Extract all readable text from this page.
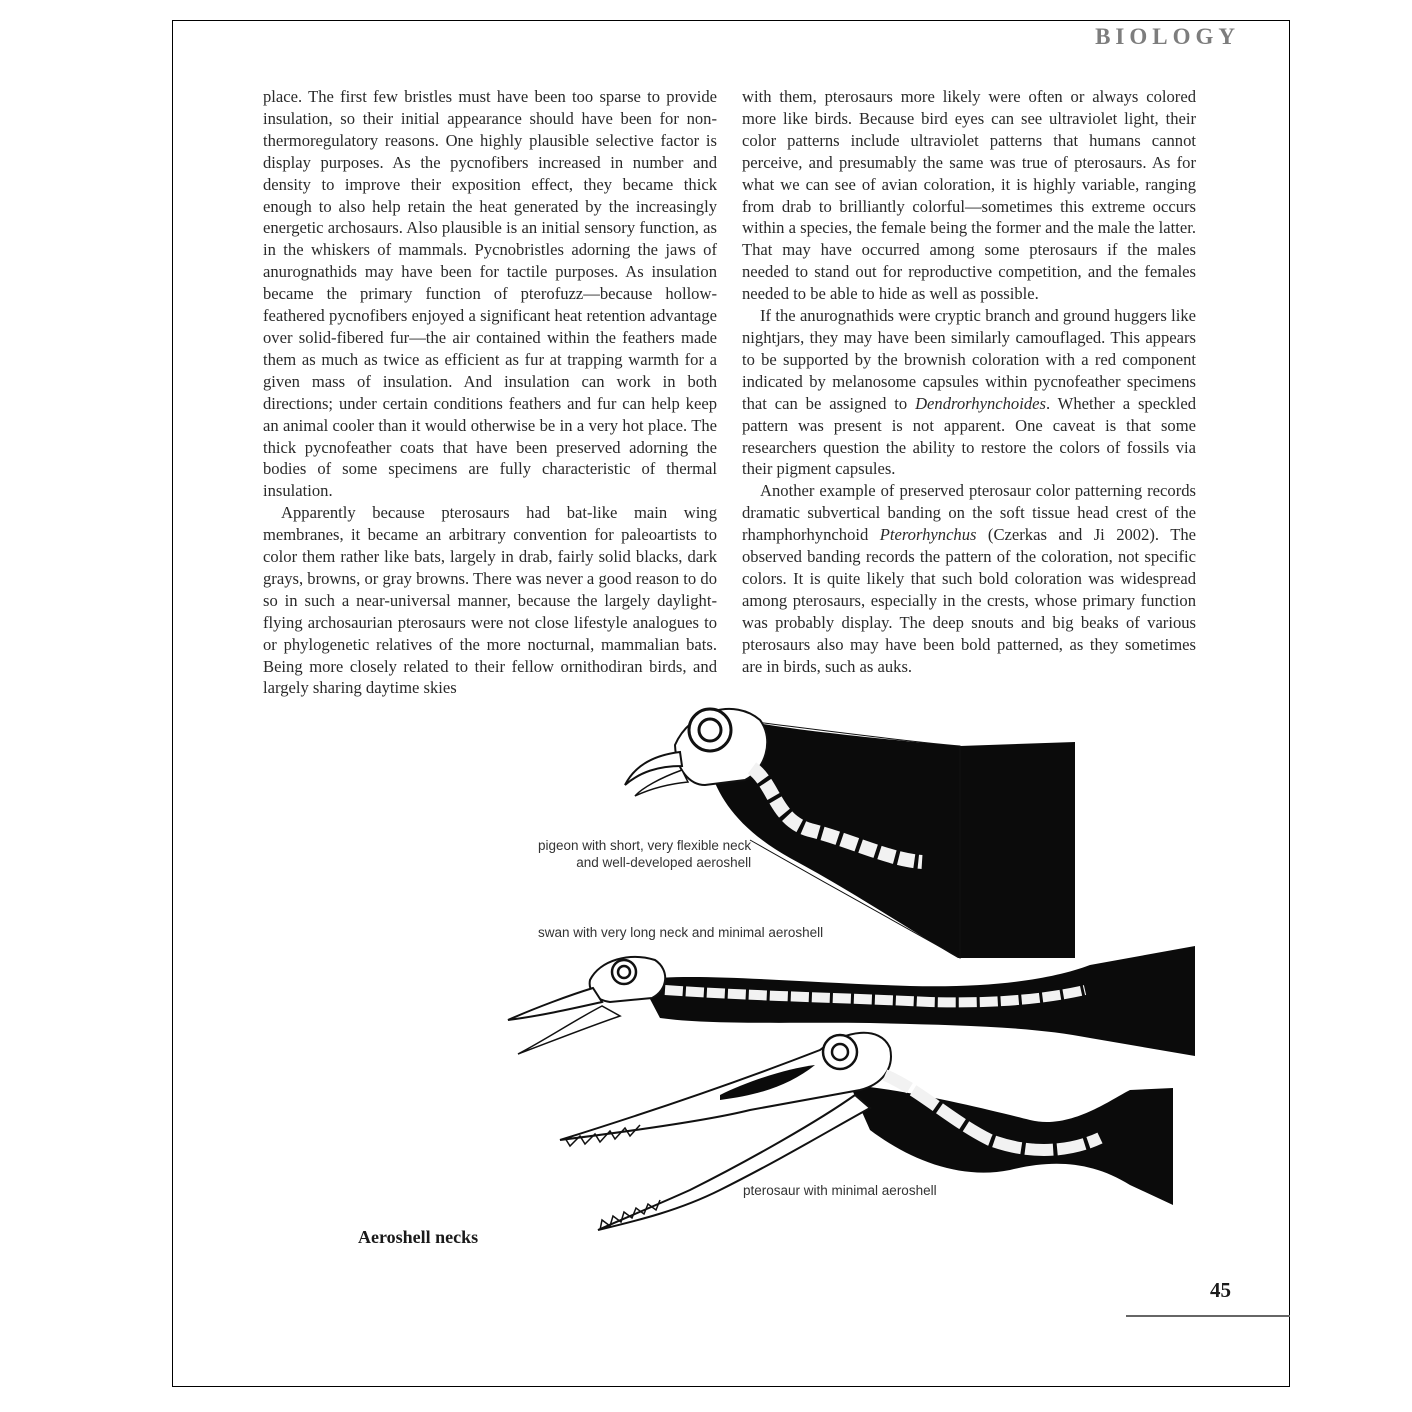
BIOLOGY

place. The first few bristles must have been too sparse to provide insulation, so their initial appearance should have been for non-thermoregulatory reasons. One highly plausible selective factor is display purposes. As the pycnofibers increased in number and density to improve their exposition effect, they became thick enough to also help retain the heat generated by the increasingly energetic archosaurs. Also plausible is an initial sensory function, as in the whiskers of mammals. Pycnobristles adorning the jaws of anurognathids may have been for tactile purposes. As insulation became the primary function of pterofuzz—because hollow-feathered pycnofibers enjoyed a significant heat retention advantage over solid-fibered fur—the air contained within the feathers made them as much as twice as efficient as fur at trapping warmth for a given mass of insulation. And insulation can work in both directions; under certain conditions feathers and fur can help keep an animal cooler than it would otherwise be in a very hot place. The thick pycnofeather coats that have been preserved adorning the bodies of some specimens are fully characteristic of thermal insulation.

Apparently because pterosaurs had bat-like main wing membranes, it became an arbitrary convention for paleoartists to color them rather like bats, largely in drab, fairly solid blacks, dark grays, browns, or gray browns. There was never a good reason to do so in such a near-universal manner, because the largely daylight-flying archosaurian pterosaurs were not close lifestyle analogues to or phylogenetic relatives of the more nocturnal, mammalian bats. Being more closely related to their fellow ornithodiran birds, and largely sharing daytime skies

with them, pterosaurs more likely were often or always colored more like birds. Because bird eyes can see ultraviolet light, their color patterns include ultraviolet patterns that humans cannot perceive, and presumably the same was true of pterosaurs. As for what we can see of avian coloration, it is highly variable, ranging from drab to brilliantly colorful—sometimes this extreme occurs within a species, the female being the former and the male the latter. That may have occurred among some pterosaurs if the males needed to stand out for reproductive competition, and the females needed to be able to hide as well as possible.

If the anurognathids were cryptic branch and ground huggers like nightjars, they may have been similarly camouflaged. This appears to be supported by the brownish coloration with a red component indicated by melanosome capsules within pycnofeather specimens that can be assigned to Dendrorhynchoides. Whether a speckled pattern was present is not apparent. One caveat is that some researchers question the ability to restore the colors of fossils via their pigment capsules.

Another example of preserved pterosaur color patterning records dramatic subvertical banding on the soft tissue head crest of the rhamphorhynchoid Pterorhynchus (Czerkas and Ji 2002). The observed banding records the pattern of the coloration, not specific colors. It is quite likely that such bold coloration was widespread among pterosaurs, especially in the crests, whose primary function was probably display. The deep snouts and big beaks of various pterosaurs also may have been bold patterned, as they sometimes are in birds, such as auks.

pigeon with short, very flexible neck
and well-developed aeroshell
swan with very long neck and minimal aeroshell
pterosaur with minimal aeroshell
Aeroshell necks
45
